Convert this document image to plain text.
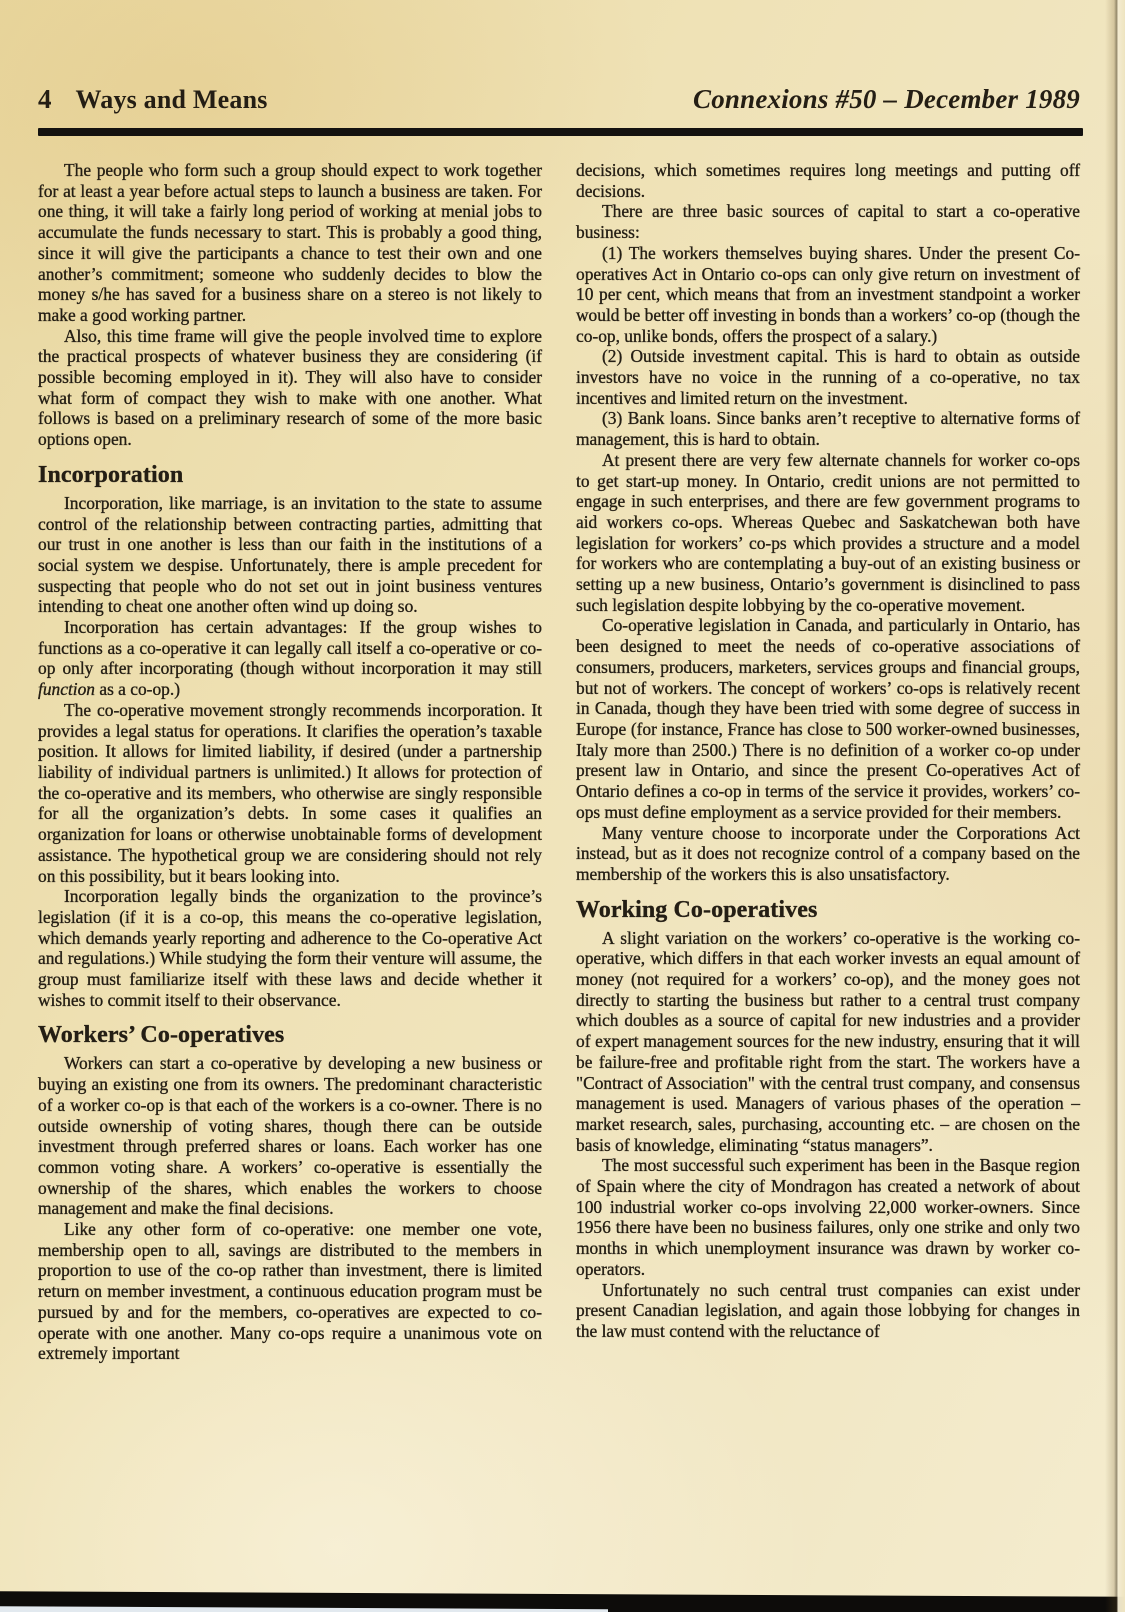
4 Ways and Means	Connexions #50 – December 1989

The people who form such a group should expect to work together for at least a year before actual steps to launch a business are taken. For one thing, it will take a fairly long period of working at menial jobs to accumulate the funds necessary to start. This is probably a good thing, since it will give the participants a chance to test their own and one another’s commitment; someone who suddenly decides to blow the money s/he has saved for a business share on a stereo is not likely to make a good working partner.

Also, this time frame will give the people involved time to explore the practical prospects of whatever business they are considering (if possible becoming employed in it). They will also have to consider what form of compact they wish to make with one another. What follows is based on a preliminary research of some of the more basic options open.

Incorporation

Incorporation, like marriage, is an invitation to the state to assume control of the relationship between contracting parties, admitting that our trust in one another is less than our faith in the institutions of a social system we despise. Unfortunately, there is ample precedent for suspecting that people who do not set out in joint business ventures intending to cheat one another often wind up doing so.

Incorporation has certain advantages: If the group wishes to functions as a co-operative it can legally call itself a co-operative or co-op only after incorporating (though without incorporation it may still function as a co-op.)

The co-operative movement strongly recommends incorporation. It provides a legal status for operations. It clarifies the operation’s taxable position. It allows for limited liability, if desired (under a partnership liability of individual partners is unlimited.) It allows for protection of the co-operative and its members, who otherwise are singly responsible for all the organization’s debts. In some cases it qualifies an organization for loans or otherwise unobtainable forms of development assistance. The hypothetical group we are considering should not rely on this possibility, but it bears looking into.

Incorporation legally binds the organization to the province’s legislation (if it is a co-op, this means the co-operative legislation, which demands yearly reporting and adherence to the Co-operative Act and regulations.) While studying the form their venture will assume, the group must familiarize itself with these laws and decide whether it wishes to commit itself to their observance.

Workers’ Co-operatives

Workers can start a co-operative by developing a new business or buying an existing one from its owners. The predominant characteristic of a worker co-op is that each of the workers is a co-owner. There is no outside ownership of voting shares, though there can be outside investment through preferred shares or loans. Each worker has one common voting share. A workers’ co-operative is essentially the ownership of the shares, which enables the workers to choose management and make the final decisions.

Like any other form of co-operative: one member one vote, membership open to all, savings are distributed to the members in proportion to use of the co-op rather than investment, there is limited return on member investment, a continuous education program must be pursued by and for the members, co-operatives are expected to co-operate with one another. Many co-ops require a unanimous vote on extremely important

decisions, which sometimes requires long meetings and putting off decisions.

There are three basic sources of capital to start a co-operative business:

(1) The workers themselves buying shares. Under the present Co-operatives Act in Ontario co-ops can only give return on investment of 10 per cent, which means that from an investment standpoint a worker would be better off investing in bonds than a workers’ co-op (though the co-op, unlike bonds, offers the prospect of a salary.)

(2) Outside investment capital. This is hard to obtain as outside investors have no voice in the running of a co-operative, no tax incentives and limited return on the investment.

(3) Bank loans. Since banks aren’t receptive to alternative forms of management, this is hard to obtain.

At present there are very few alternate channels for worker co-ops to get start-up money. In Ontario, credit unions are not permitted to engage in such enterprises, and there are few government programs to aid workers co-ops. Whereas Quebec and Saskatchewan both have legislation for workers’ co-ps which provides a structure and a model for workers who are contemplating a buy-out of an existing business or setting up a new business, Ontario’s government is disinclined to pass such legislation despite lobbying by the co-operative movement.

Co-operative legislation in Canada, and particularly in Ontario, has been designed to meet the needs of co-operative associations of consumers, producers, marketers, services groups and financial groups, but not of workers. The concept of workers’ co-ops is relatively recent in Canada, though they have been tried with some degree of success in Europe (for instance, France has close to 500 worker-owned businesses, Italy more than 2500.) There is no definition of a worker co-op under present law in Ontario, and since the present Co-operatives Act of Ontario defines a co-op in terms of the service it provides, workers’ co-ops must define employment as a service provided for their members.

Many venture choose to incorporate under the Corporations Act instead, but as it does not recognize control of a company based on the membership of the workers this is also unsatisfactory.

Working Co-operatives

A slight variation on the workers’ co-operative is the working co-operative, which differs in that each worker invests an equal amount of money (not required for a workers’ co-op), and the money goes not directly to starting the business but rather to a central trust company which doubles as a source of capital for new industries and a provider of expert management sources for the new industry, ensuring that it will be failure-free and profitable right from the start. The workers have a "Contract of Association" with the central trust company, and consensus management is used. Managers of various phases of the operation – market research, sales, purchasing, accounting etc. – are chosen on the basis of knowledge, eliminating “status managers”.

The most successful such experiment has been in the Basque region of Spain where the city of Mondragon has created a network of about 100 industrial worker co-ops involving 22,000 worker-owners. Since 1956 there have been no business failures, only one strike and only two months in which unemployment insurance was drawn by worker co-operators.

Unfortunately no such central trust companies can exist under present Canadian legislation, and again those lobbying for changes in the law must contend with the reluctance of
